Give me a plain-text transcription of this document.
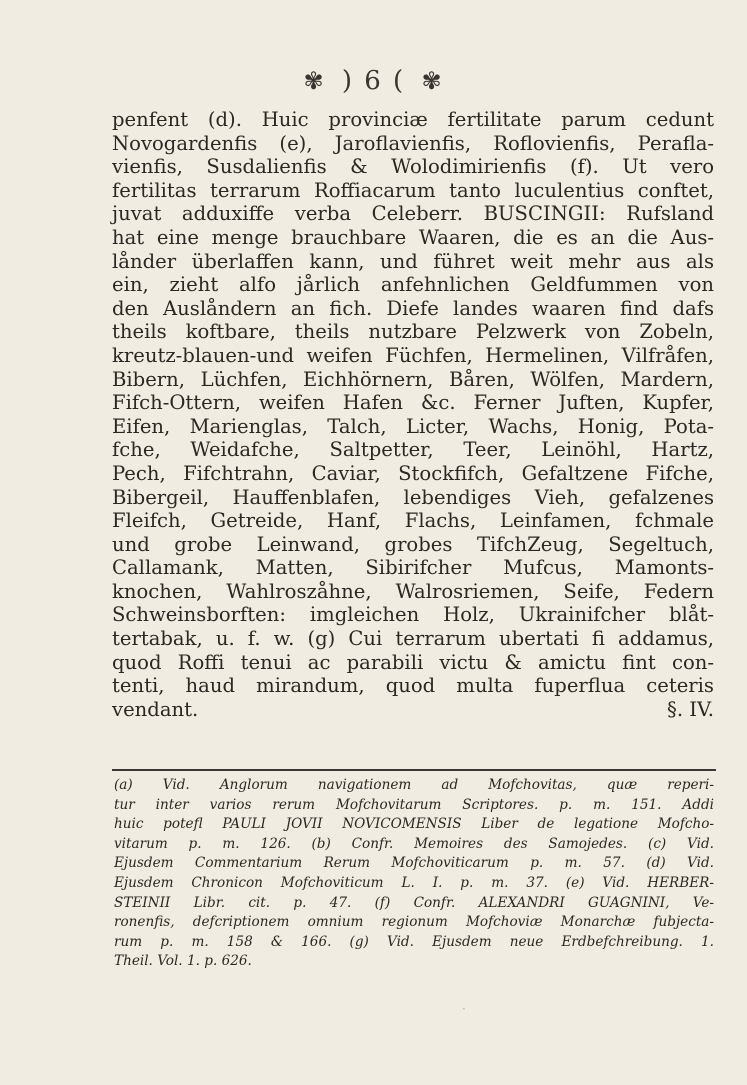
✾ ) 6 ( ✾
penfent (d). Huic provinciæ fertilitate parum cedunt
Novogardenfis (e), Jaroflavienfis, Roflovienfis, Perafla-
vienfis, Susdalienfis & Wolodimirienfis (f). Ut vero
fertilitas terrarum Roffiacarum tanto luculentius conftet,
juvat adduxiffe verba Celeberr. BUSCINGII: Rufsland
hat eine menge brauchbare Waaren, die es an die Aus-
lånder überlaffen kann, und führet weit mehr aus als
ein, zieht alfo jårlich anfehnlichen Geldfummen von
den Auslåndern an fich. Diefe landes waaren find dafs
theils koftbare, theils nutzbare Pelzwerk von Zobeln,
kreutz-blauen-und weifen Füchfen, Hermelinen, Vilfråfen,
Bibern, Lüchfen, Eichhörnern, Båren, Wölfen, Mardern,
Fifch-Ottern, weifen Hafen &c. Ferner Juften, Kupfer,
Eifen, Marienglas, Talch, Licter, Wachs, Honig, Pota-
fche, Weidafche, Saltpetter, Teer, Leinöhl, Hartz,
Pech, Fifchtrahn, Caviar, Stockfifch, Gefaltzene Fifche,
Bibergeil, Hauffenblafen, lebendiges Vieh, gefalzenes
Fleifch, Getreide, Hanf, Flachs, Leinfamen, fchmale
und grobe Leinwand, grobes TifchZeug, Segeltuch,
Callamank, Matten, Sibirifcher Mufcus, Mamonts-
knochen, Wahlroszåhne, Walrosriemen, Seife, Federn
Schweinsborften: imgleichen Holz, Ukrainifcher blåt-
tertabak, u. f. w. (g) Cui terrarum ubertati fi addamus,
quod Roffi tenui ac parabili victu & amictu fint con-
tenti, haud mirandum, quod multa fuperflua ceteris
vendant.	§. IV.
(a) Vid. Anglorum navigationem ad Mofchovitas, quæ reperi-
tur inter varios rerum Mofchovitarum Scriptores. p. m. 151. Addi
huic potefl PAULI JOVII NOVICOMENSIS Liber de legatione Mofcho-
vitarum p. m. 126. (b) Confr. Memoires des Samojedes. (c) Vid.
Ejusdem Commentarium Rerum Mofchoviticarum p. m. 57. (d) Vid.
Ejusdem Chronicon Mofchoviticum L. I. p. m. 37. (e) Vid. HERBER-
STEINII Libr. cit. p. 47. (f) Confr. ALEXANDRI GUAGNINI, Ve-
ronenfis, defcriptionem omnium regionum Mofchoviæ Monarchæ fubjecta-
rum p. m. 158 & 166. (g) Vid. Ejusdem neue Erdbefchreibung. 1.
Theil. Vol. 1. p. 626.
·
